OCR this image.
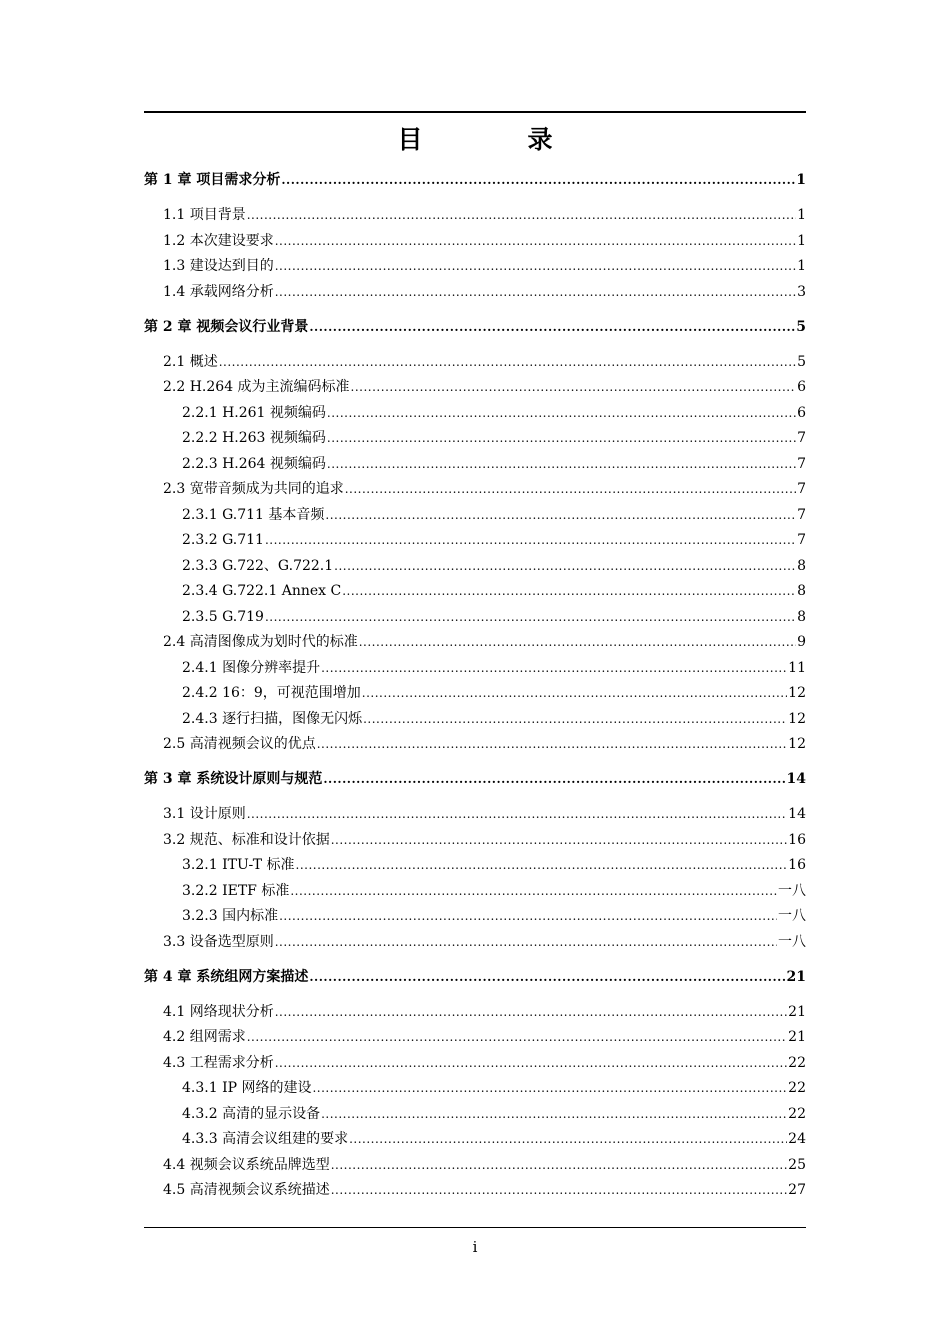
目　录
第 1 章 项目需求分析 .....	1
1.1 项目背景 .....	1
1.2 本次建设要求 .....	1
1.3 建设达到目的 .....	1
1.4 承载网络分析 .....	3
第 2 章 视频会议行业背景 .....	5
2.1 概述 .....	5
2.2 H.264 成为主流编码标准 .....	6
2.2.1 H.261 视频编码 .....	6
2.2.2 H.263 视频编码 .....	7
2.2.3 H.264 视频编码 .....	7
2.3 宽带音频成为共同的追求 .....	7
2.3.1 G.711 基本音频 .....	7
2.3.2 G.711 .....	7
2.3.3 G.722、G.722.1 .....	8
2.3.4 G.722.1 Annex C .....	8
2.3.5 G.719 .....	8
2.4 高清图像成为划时代的标准 .....	9
2.4.1 图像分辨率提升 .....	11
2.4.2 16：9，可视范围增加 .....	12
2.4.3 逐行扫描，图像无闪烁 .....	12
2.5 高清视频会议的优点 .....	12
第 3 章 系统设计原则与规范 .....	14
3.1 设计原则 .....	14
3.2 规范、标准和设计依据 .....	16
3.2.1 ITU-T 标准 .....	16
3.2.2 IETF 标准 .....	一八
3.2.3 国内标准 .....	一八
3.3 设备选型原则 .....	一八
第 4 章 系统组网方案描述 .....	21
4.1 网络现状分析 .....	21
4.2 组网需求 .....	21
4.3 工程需求分析 .....	22
4.3.1 IP 网络的建设 .....	22
4.3.2 高清的显示设备 .....	22
4.3.3 高清会议组建的要求 .....	24
4.4 视频会议系统品牌选型 .....	25
4.5 高清视频会议系统描述 .....	27
i
